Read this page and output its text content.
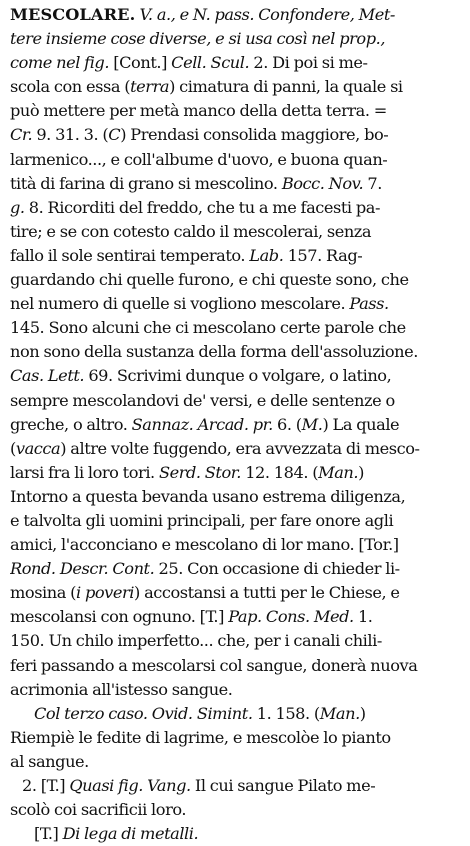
MESCOLARE. V. a., e N. pass. Confondere, Met-
tere insieme cose diverse, e si usa così nel prop.,
come nel fig. [Cont.] Cell. Scul. 2. Di poi si me-
scola con essa (terra) cimatura di panni, la quale si
può mettere per metà manco della detta terra. =
Cr. 9. 31. 3. (C) Prendasi consolida maggiore, bo-
larmenico..., e coll'albume d'uovo, e buona quan-
tità di farina di grano si mescolino. Bocc. Nov. 7.
g. 8. Ricorditi del freddo, che tu a me facesti pa-
tire; e se con cotesto caldo il mescolerai, senza
fallo il sole sentirai temperato. Lab. 157. Rag-
guardando chi quelle furono, e chi queste sono, che
nel numero di quelle si vogliono mescolare. Pass.
145. Sono alcuni che ci mescolano certe parole che
non sono della sustanza della forma dell'assoluzione.
Cas. Lett. 69. Scrivimi dunque o volgare, o latino,
sempre mescolandovi de' versi, e delle sentenze o
greche, o altro. Sannaz. Arcad. pr. 6. (M.) La quale
(vacca) altre volte fuggendo, era avvezzata di mesco-
larsi fra li loro tori. Serd. Stor. 12. 184. (Man.)
Intorno a questa bevanda usano estrema diligenza,
e talvolta gli uomini principali, per fare onore agli
amici, l'acconciano e mescolano di lor mano. [Tor.]
Rond. Descr. Cont. 25. Con occasione di chieder li-
mosina (i poveri) accostansi a tutti per le Chiese, e
mescolansi con ognuno. [T.] Pap. Cons. Med. 1.
150. Un chilo imperfetto... che, per i canali chili-
feri passando a mescolarsi col sangue, donerà nuova
acrimonia all'istesso sangue.
Col terzo caso. Ovid. Simint. 1. 158. (Man.)
Riempiè le fedite di lagrime, e mescolòe lo pianto
al sangue.
2. [T.] Quasi fig. Vang. Il cui sangue Pilato me-
scolò coi sacrificii loro.
[T.] Di lega di metalli.
